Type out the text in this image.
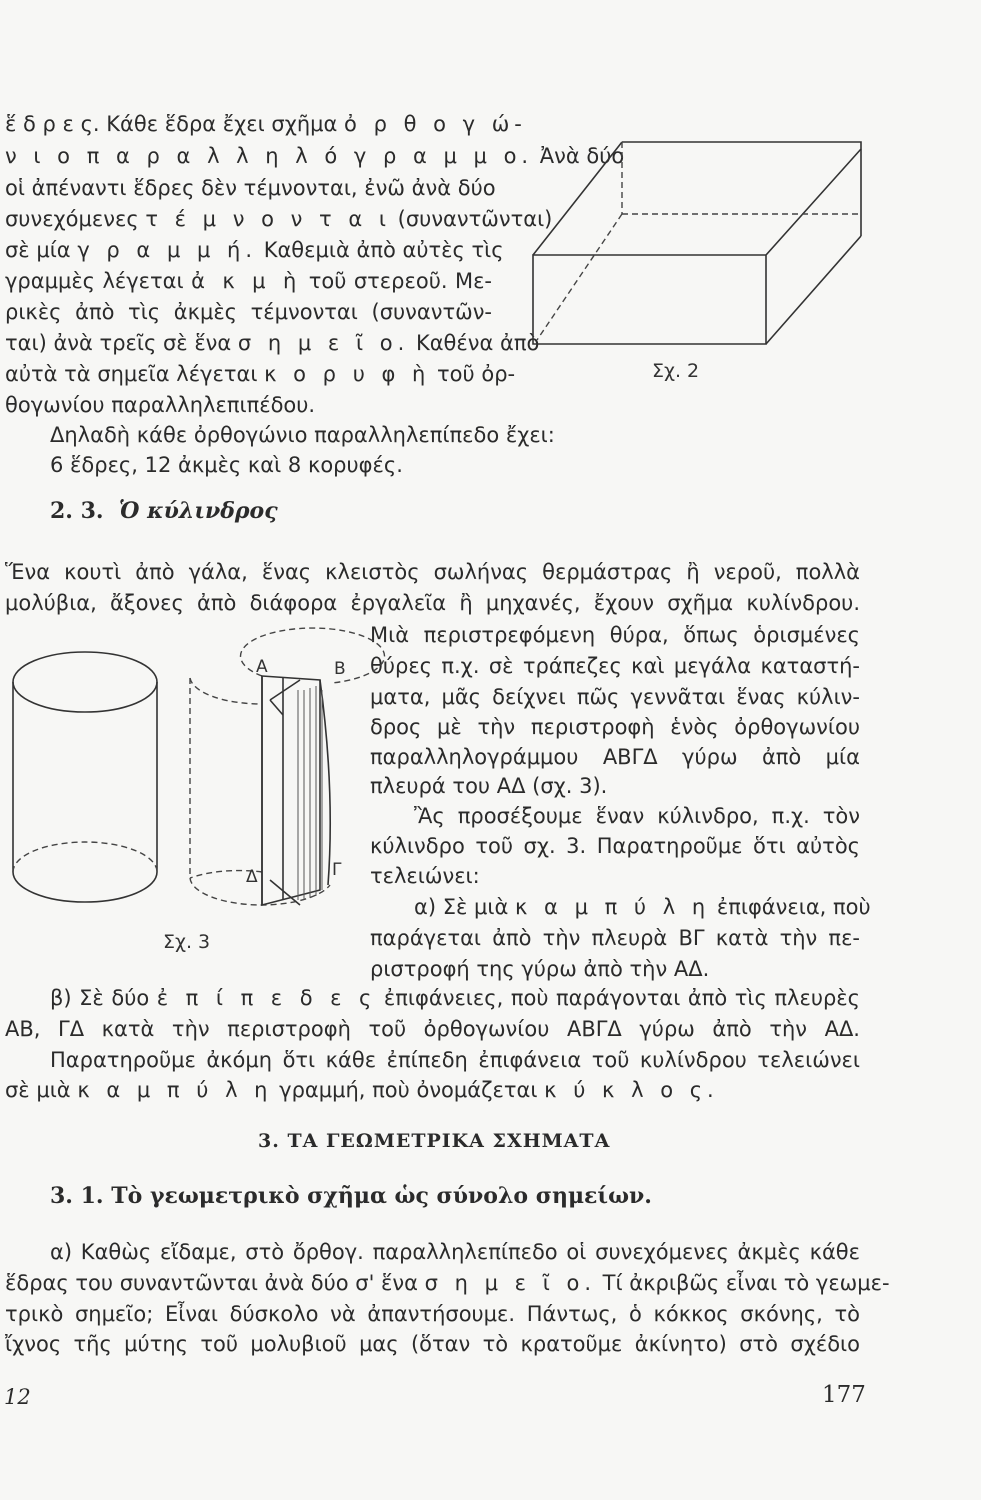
ἕ δ ρ ε ς. Κάθε ἕδρα ἔχει σχῆμα ὀ ρ θ ο γ ώ-
ν ι ο π α ρ α λ λ η λ ό γ ρ α μ μ ο. Ἀνὰ δύο
οἱ ἀπέναντι ἕδρες δὲν τέμνονται, ἐνῶ ἀνὰ δύο
συνεχόμενες τ έ μ ν ο ν τ α ι (συναντῶνται)
σὲ μία γ ρ α μ μ ή. Καθεμιὰ ἀπὸ αὐτὲς τὶς
γραμμὲς λέγεται ἀ κ μ ὴ τοῦ στερεοῦ. Με-
ρικὲς ἀπὸ τὶς ἀκμὲς τέμνονται (συναντῶν-
ται) ἀνὰ τρεῖς σὲ ἕνα σ η μ ε ῖ ο. Καθένα ἀπὸ
αὐτὰ τὰ σημεῖα λέγεται κ ο ρ υ φ ὴ τοῦ ὀρ-
θογωνίου παραλληλεπιπέδου.
Δηλαδὴ κάθε ὀρθογώνιο παραλληλεπίπεδο ἔχει:
6 ἕδρες, 12 ἀκμὲς καὶ 8 κορυφές.
Σχ. 2
2. 3. Ὁ κύλινδρος
Ἕνα κουτὶ ἀπὸ γάλα, ἕνας κλειστὸς σωλήνας θερμάστρας ἢ νεροῦ, πολλὰ
μολύβια, ἄξονες ἀπὸ διάφορα ἐργαλεῖα ἢ μηχανές, ἔχουν σχῆμα κυλίνδρου.
Μιὰ περιστρεφόμενη θύρα, ὅπως ὁρισμένες
θύρες π.χ. σὲ τράπεζες καὶ μεγάλα καταστή-
ματα, μᾶς δείχνει πῶς γεννᾶται ἕνας κύλιν-
δρος μὲ τὴν περιστροφὴ ἑνὸς ὀρθογωνίου
παραλληλογράμμου ΑΒΓΔ γύρω ἀπὸ μία
πλευρά του ΑΔ (σχ. 3).
Ἂς προσέξουμε ἕναν κύλινδρο, π.χ. τὸν
κύλινδρο τοῦ σχ. 3. Παρατηροῦμε ὅτι αὐτὸς
τελειώνει:
α) Σὲ μιὰ κ α μ π ύ λ η ἐπιφάνεια, ποὺ
παράγεται ἀπὸ τὴν πλευρὰ ΒΓ κατὰ τὴν πε-
ριστροφή της γύρω ἀπὸ τὴν ΑΔ.
β) Σὲ δύο ἐ π ί π ε δ ε ς ἐπιφάνειες, ποὺ παράγονται ἀπὸ τὶς πλευρὲς
ΑΒ, ΓΔ κατὰ τὴν περιστροφὴ τοῦ ὀρθογωνίου ΑΒΓΔ γύρω ἀπὸ τὴν ΑΔ.
Παρατηροῦμε ἀκόμη ὅτι κάθε ἐπίπεδη ἐπιφάνεια τοῦ κυλίνδρου τελειώνει
σὲ μιὰ κ α μ π ύ λ η γραμμή, ποὺ ὀνομάζεται κ ύ κ λ ο ς.
Α	Β
Γ
Δ
Σχ. 3
3. ΤΑ ΓΕΩΜΕΤΡΙΚΑ ΣΧΗΜΑΤΑ
3. 1. Τὸ γεωμετρικὸ σχῆμα ὡς σύνολο σημείων.
α) Καθὼς εἴδαμε, στὸ ὄρθογ. παραλληλεπίπεδο οἱ συνεχόμενες ἀκμὲς κάθε
ἕδρας του συναντῶνται ἀνὰ δύο σ' ἕνα σ η μ ε ῖ ο. Τί ἀκριβῶς εἶναι τὸ γεωμε-
τρικὸ σημεῖο; Εἶναι δύσκολο νὰ ἀπαντήσουμε. Πάντως, ὁ κόκκος σκόνης, τὸ
ἴχνος τῆς μύτης τοῦ μολυβιοῦ μας (ὅταν τὸ κρατοῦμε ἀκίνητο) στὸ σχέδιο
12	177
